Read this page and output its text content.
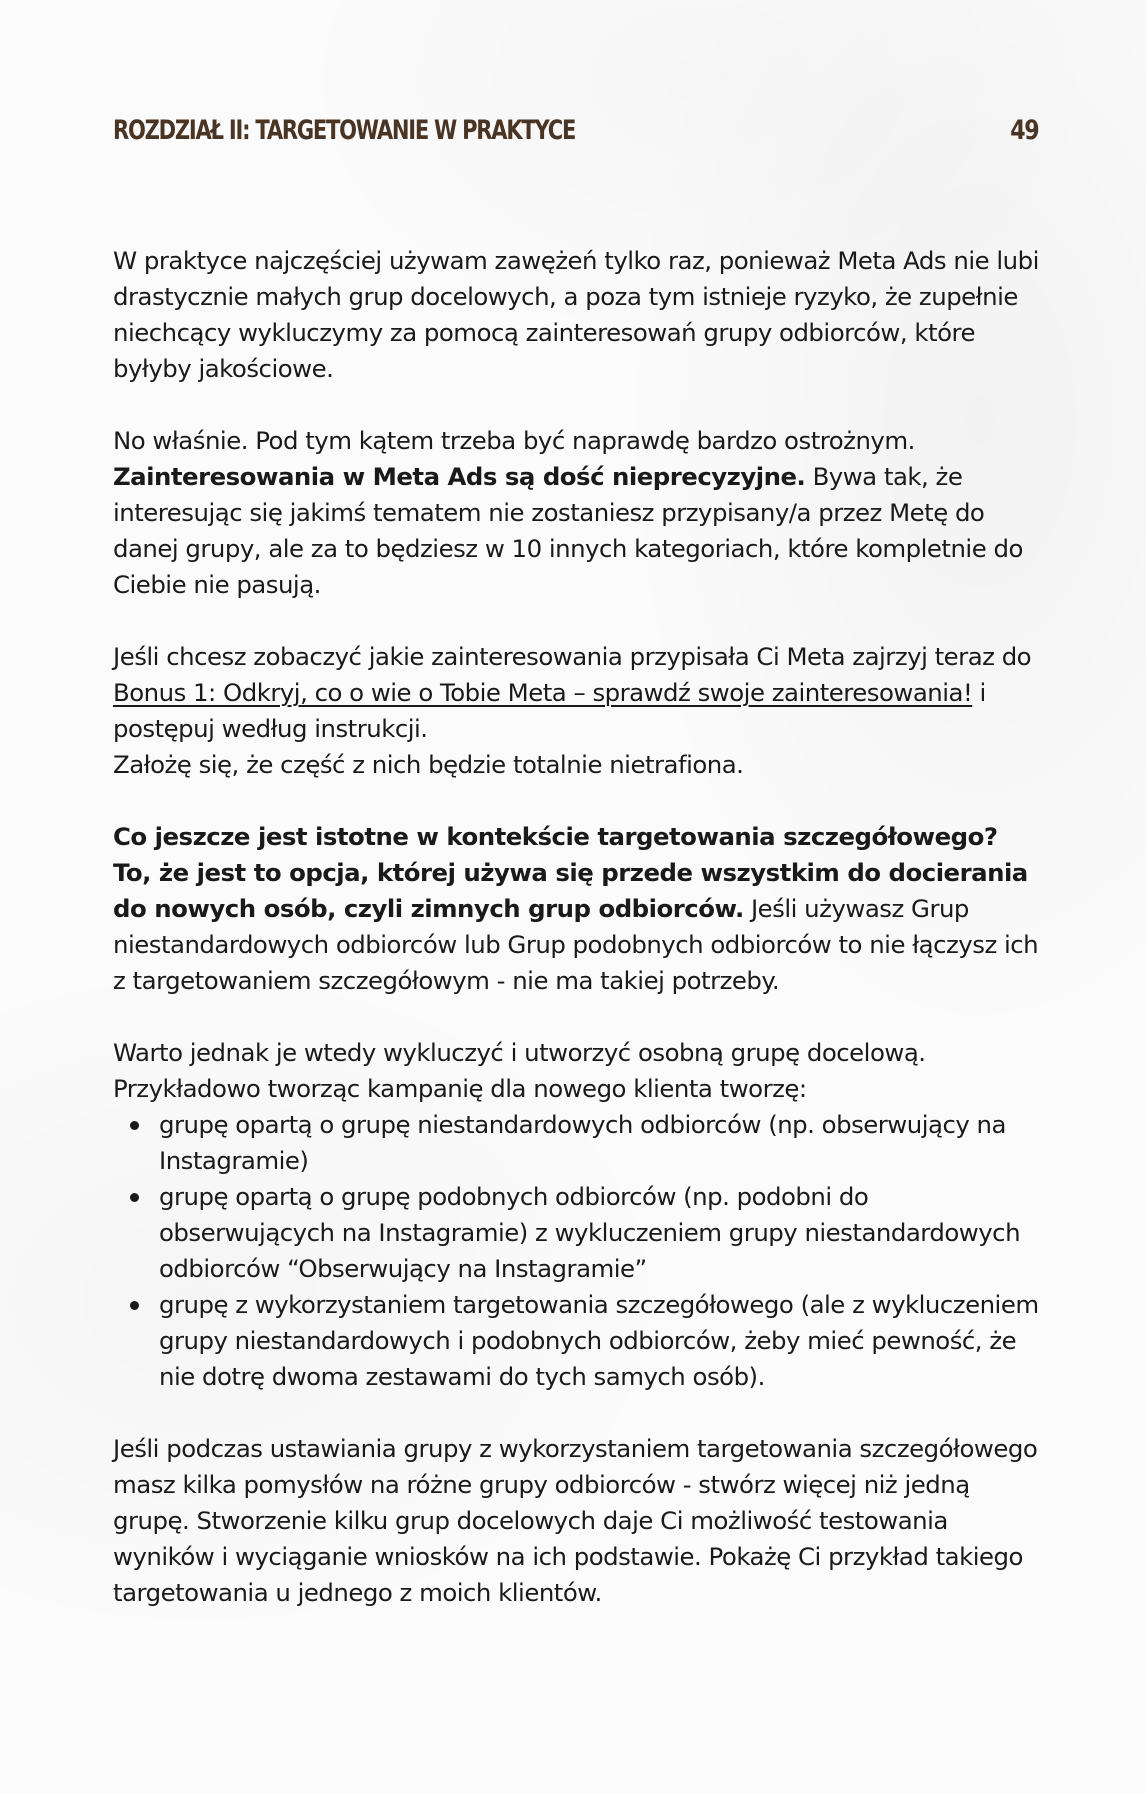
ROZDZIAŁ II: TARGETOWANIE W PRAKTYCE	49

W praktyce najczęściej używam zawężeń tylko raz, ponieważ Meta Ads nie lubi drastycznie małych grup docelowych, a poza tym istnieje ryzyko, że zupełnie niechcący wykluczymy za pomocą zainteresowań grupy odbiorców, które byłyby jakościowe.

No właśnie. Pod tym kątem trzeba być naprawdę bardzo ostrożnym.
Zainteresowania w Meta Ads są dość nieprecyzyjne. Bywa tak, że interesując się jakimś tematem nie zostaniesz przypisany/a przez Metę do danej grupy, ale za to będziesz w 10 innych kategoriach, które kompletnie do Ciebie nie pasują.

Jeśli chcesz zobaczyć jakie zainteresowania przypisała Ci Meta zajrzyj teraz do Bonus 1: Odkryj, co o wie o Tobie Meta – sprawdź swoje zainteresowania! i postępuj według instrukcji.
Założę się, że część z nich będzie totalnie nietrafiona.

Co jeszcze jest istotne w kontekście targetowania szczegółowego?
To, że jest to opcja, której używa się przede wszystkim do docierania do nowych osób, czyli zimnych grup odbiorców. Jeśli używasz Grup niestandardowych odbiorców lub Grup podobnych odbiorców to nie łączysz ich z targetowaniem szczegółowym - nie ma takiej potrzeby.

Warto jednak je wtedy wykluczyć i utworzyć osobną grupę docelową. Przykładowo tworząc kampanię dla nowego klienta tworzę:

grupę opartą o grupę niestandardowych odbiorców (np. obserwujący na Instagramie)
grupę opartą o grupę podobnych odbiorców (np. podobni do obserwujących na Instagramie) z wykluczeniem grupy niestandardowych odbiorców “Obserwujący na Instagramie”
grupę z wykorzystaniem targetowania szczegółowego (ale z wykluczeniem grupy niestandardowych i podobnych odbiorców, żeby mieć pewność, że nie dotrę dwoma zestawami do tych samych osób).

Jeśli podczas ustawiania grupy z wykorzystaniem targetowania szczegółowego masz kilka pomysłów na różne grupy odbiorców - stwórz więcej niż jedną grupę. Stworzenie kilku grup docelowych daje Ci możliwość testowania wyników i wyciąganie wniosków na ich podstawie. Pokażę Ci przykład takiego targetowania u jednego z moich klientów.
